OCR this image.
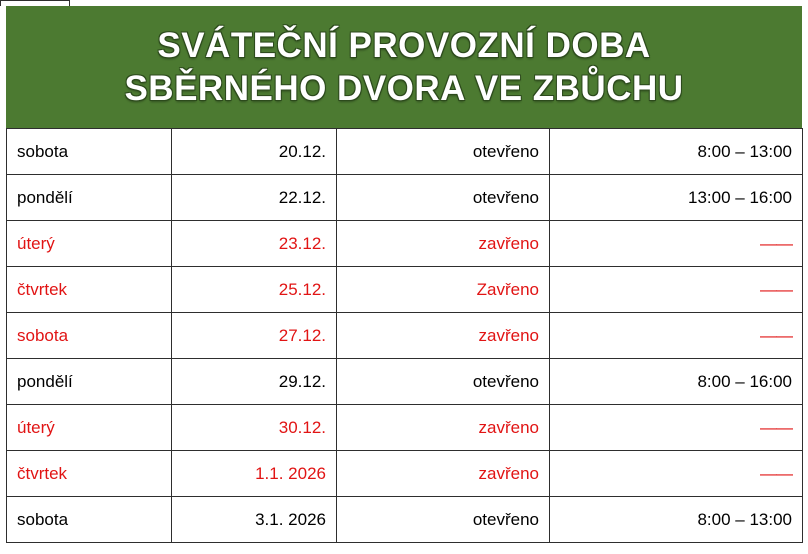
SVÁTEČNÍ PROVOZNÍ DOBA
SBĚRNÉHO DVORA VE ZBŮCHU
sobota	20.12.	otevřeno	8:00 – 13:00
pondělí	22.12.	otevřeno	13:00 – 16:00
úterý	23.12.	zavřeno	——
čtvrtek	25.12.	Zavřeno	——
sobota	27.12.	zavřeno	——
pondělí	29.12.	otevřeno	8:00 – 16:00
úterý	30.12.	zavřeno	——
čtvrtek	1.1. 2026	zavřeno	——
sobota	3.1. 2026	otevřeno	8:00 – 13:00
